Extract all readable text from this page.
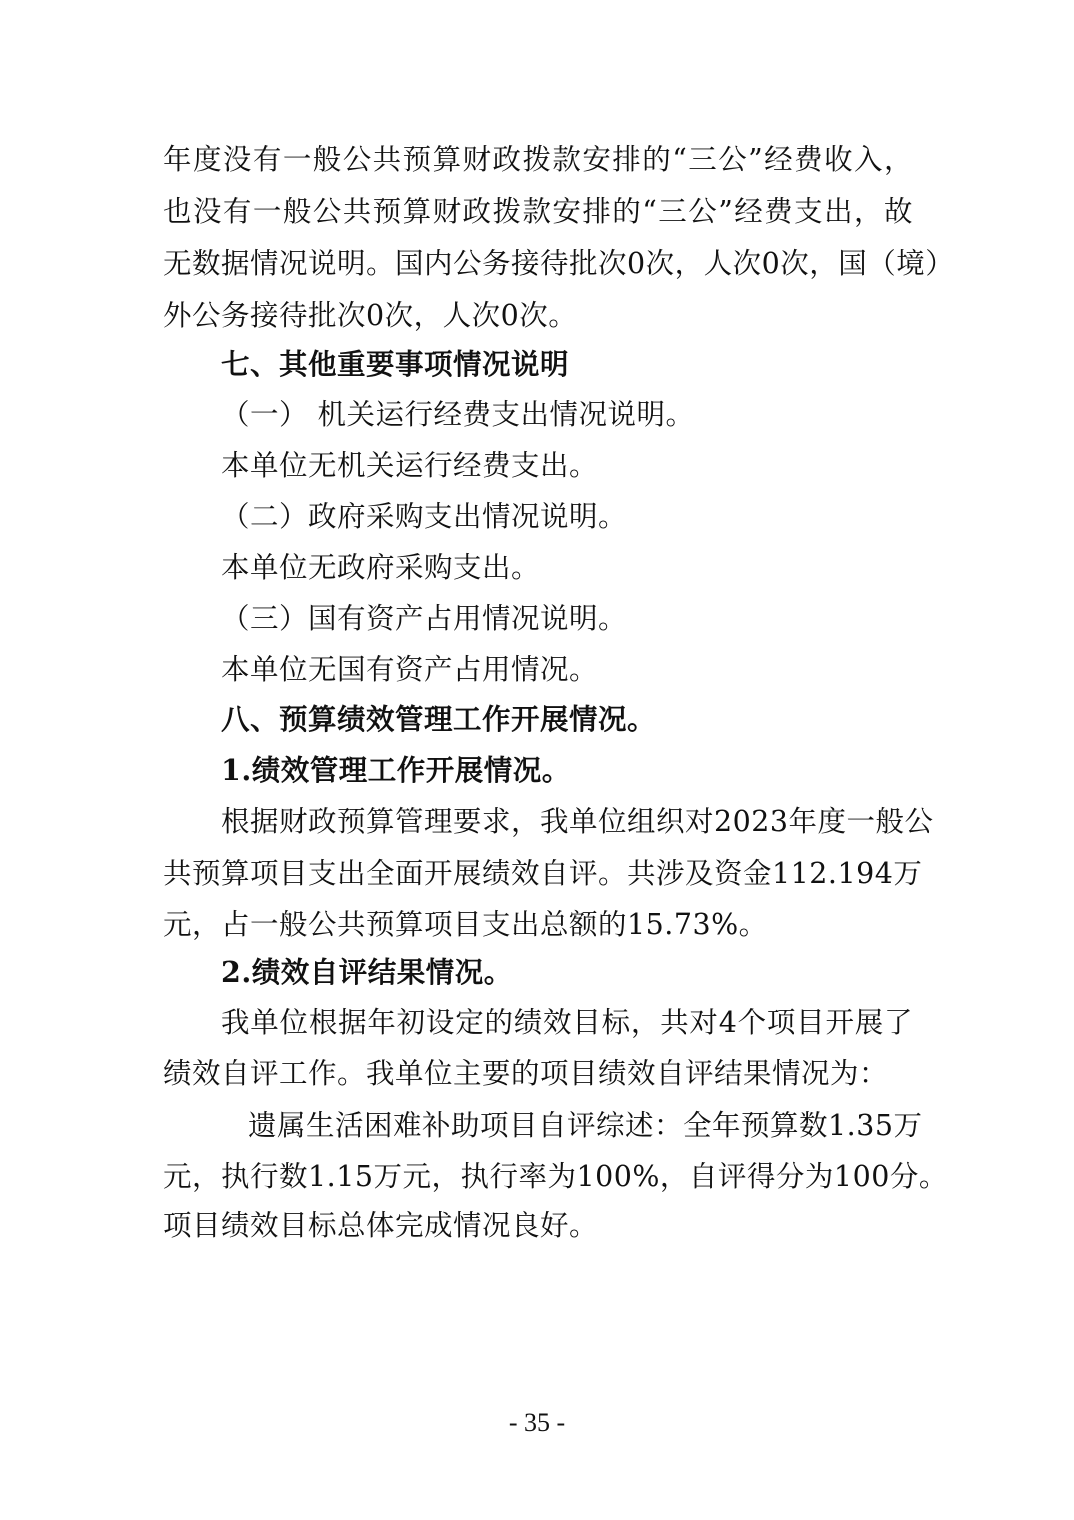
年度没有一般公共预算财政拨款安排的“三公”经费收入，
也没有一般公共预算财政拨款安排的“三公”经费支出，故
无数据情况说明。国内公务接待批次0次，人次0次，国（境）
外公务接待批次0次，人次0次。
七、其他重要事项情况说明
（一） 机关运行经费支出情况说明。
本单位无机关运行经费支出。
（二）政府采购支出情况说明。
本单位无政府采购支出。
（三）国有资产占用情况说明。
本单位无国有资产占用情况。
八、预算绩效管理工作开展情况。
1.绩效管理工作开展情况。
根据财政预算管理要求，我单位组织对2023年度一般公
共预算项目支出全面开展绩效自评。共涉及资金112.194万
元，占一般公共预算项目支出总额的15.73%。
2.绩效自评结果情况。
我单位根据年初设定的绩效目标，共对4个项目开展了
绩效自评工作。我单位主要的项目绩效自评结果情况为：
遗属生活困难补助项目自评综述：全年预算数1.35万
元，执行数1.15万元，执行率为100%，自评得分为100分。
项目绩效目标总体完成情况良好。
- 35 -
